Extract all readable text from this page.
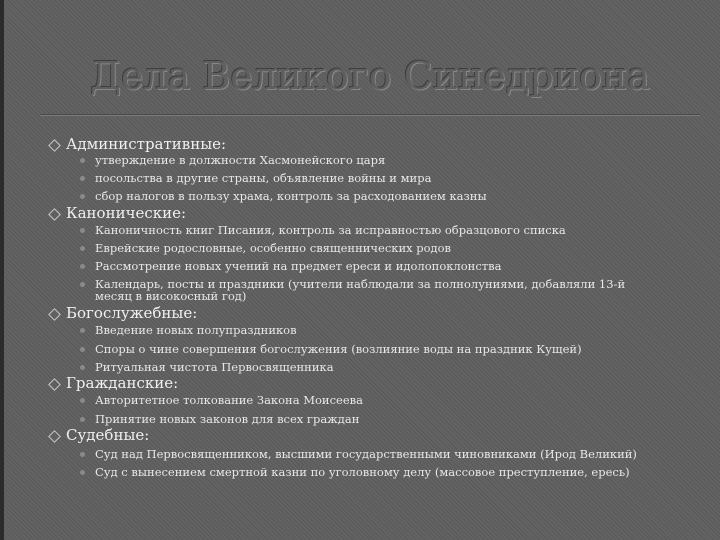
Дела Великого Синедриона
Административные:
утверждение в должности Хасмонейского царя
посольства в другие страны, объявление войны и мира
сбор налогов в пользу храма, контроль за расходованием казны
Канонические:
Каноничность книг Писания, контроль за исправностью образцового списка
Еврейские родословные, особенно священнических родов
Рассмотрение новых учений на предмет ереси и идолопоклонства
Календарь, посты и праздники (учители наблюдали за полнолуниями, добавляли 13-й месяц в високосный год)
Богослужебные:
Введение новых полупраздников
Споры о чине совершения богослужения (возлияние воды на праздник Кущей)
Ритуальная чистота Первосвященника
Гражданские:
Авторитетное толкование Закона Моисеева
Принятие новых законов для всех граждан
Судебные:
Суд над Первосвященником, высшими государственными чиновниками (Ирод Великий)
Суд с вынесением смертной казни по уголовному делу (массовое преступление, ересь)
